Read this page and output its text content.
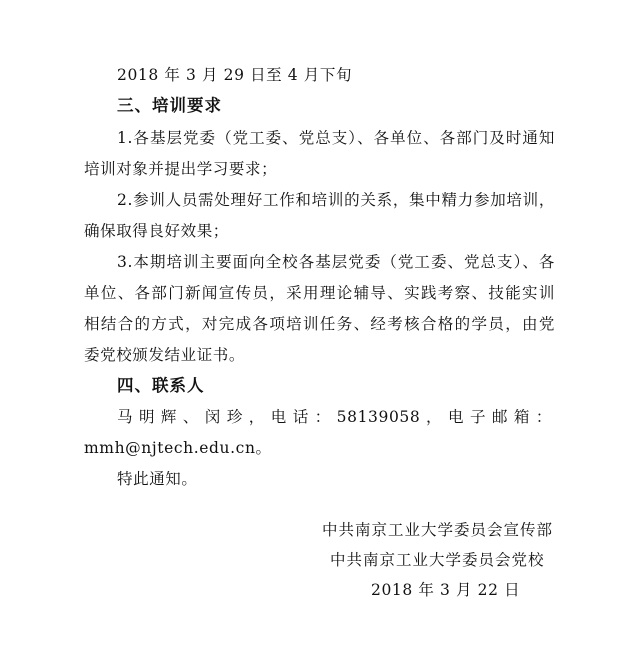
2018 年 3 月 29 日至 4 月下旬
三、培训要求
1.各基层党委（党工委、党总支）、各单位、各部门及时通知
培训对象并提出学习要求；
2.参训人员需处理好工作和培训的关系，集中精力参加培训，
确保取得良好效果；
3.本期培训主要面向全校各基层党委（党工委、党总支）、各
单位、各部门新闻宣传员，采用理论辅导、实践考察、技能实训
相结合的方式，对完成各项培训任务、经考核合格的学员，由党
委党校颁发结业证书。
四、联系人
马 明 辉 、 闵 珍 ， 电 话 ： 58139058 ， 电 子 邮 箱 ：
mmh@njtech.edu.cn。
特此通知。
中共南京工业大学委员会宣传部
中共南京工业大学委员会党校
2018 年 3 月 22 日
